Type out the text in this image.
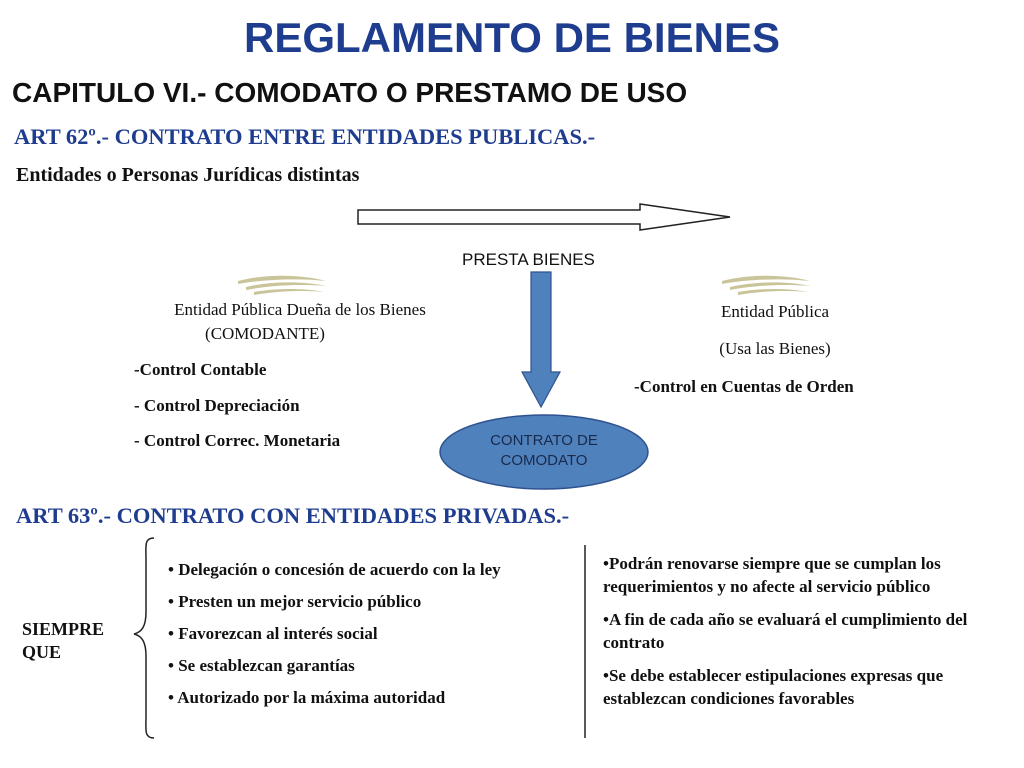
REGLAMENTO DE BIENES
CAPITULO VI.- COMODATO O PRESTAMO DE USO
ART 62º.- CONTRATO ENTRE ENTIDADES PUBLICAS.-
Entidades o Personas Jurídicas distintas
PRESTA BIENES
Entidad Pública Dueña de los Bienes
(COMODANTE)
-Control Contable
- Control Depreciación
- Control Correc. Monetaria
Entidad Pública
(Usa las Bienes)
-Control en Cuentas de Orden
CONTRATO DE
COMODATO
ART 63º.- CONTRATO CON ENTIDADES PRIVADAS.-
SIEMPRE
QUE
• Delegación o concesión de acuerdo con la ley
• Presten un mejor servicio público
• Favorezcan al interés social
• Se establezcan garantías
• Autorizado por la máxima autoridad
•Podrán renovarse siempre que se cumplan los requerimientos y no afecte al servicio público
•A fin de cada año se evaluará el cumplimiento del contrato
•Se debe establecer estipulaciones expresas que establezcan condiciones favorables
